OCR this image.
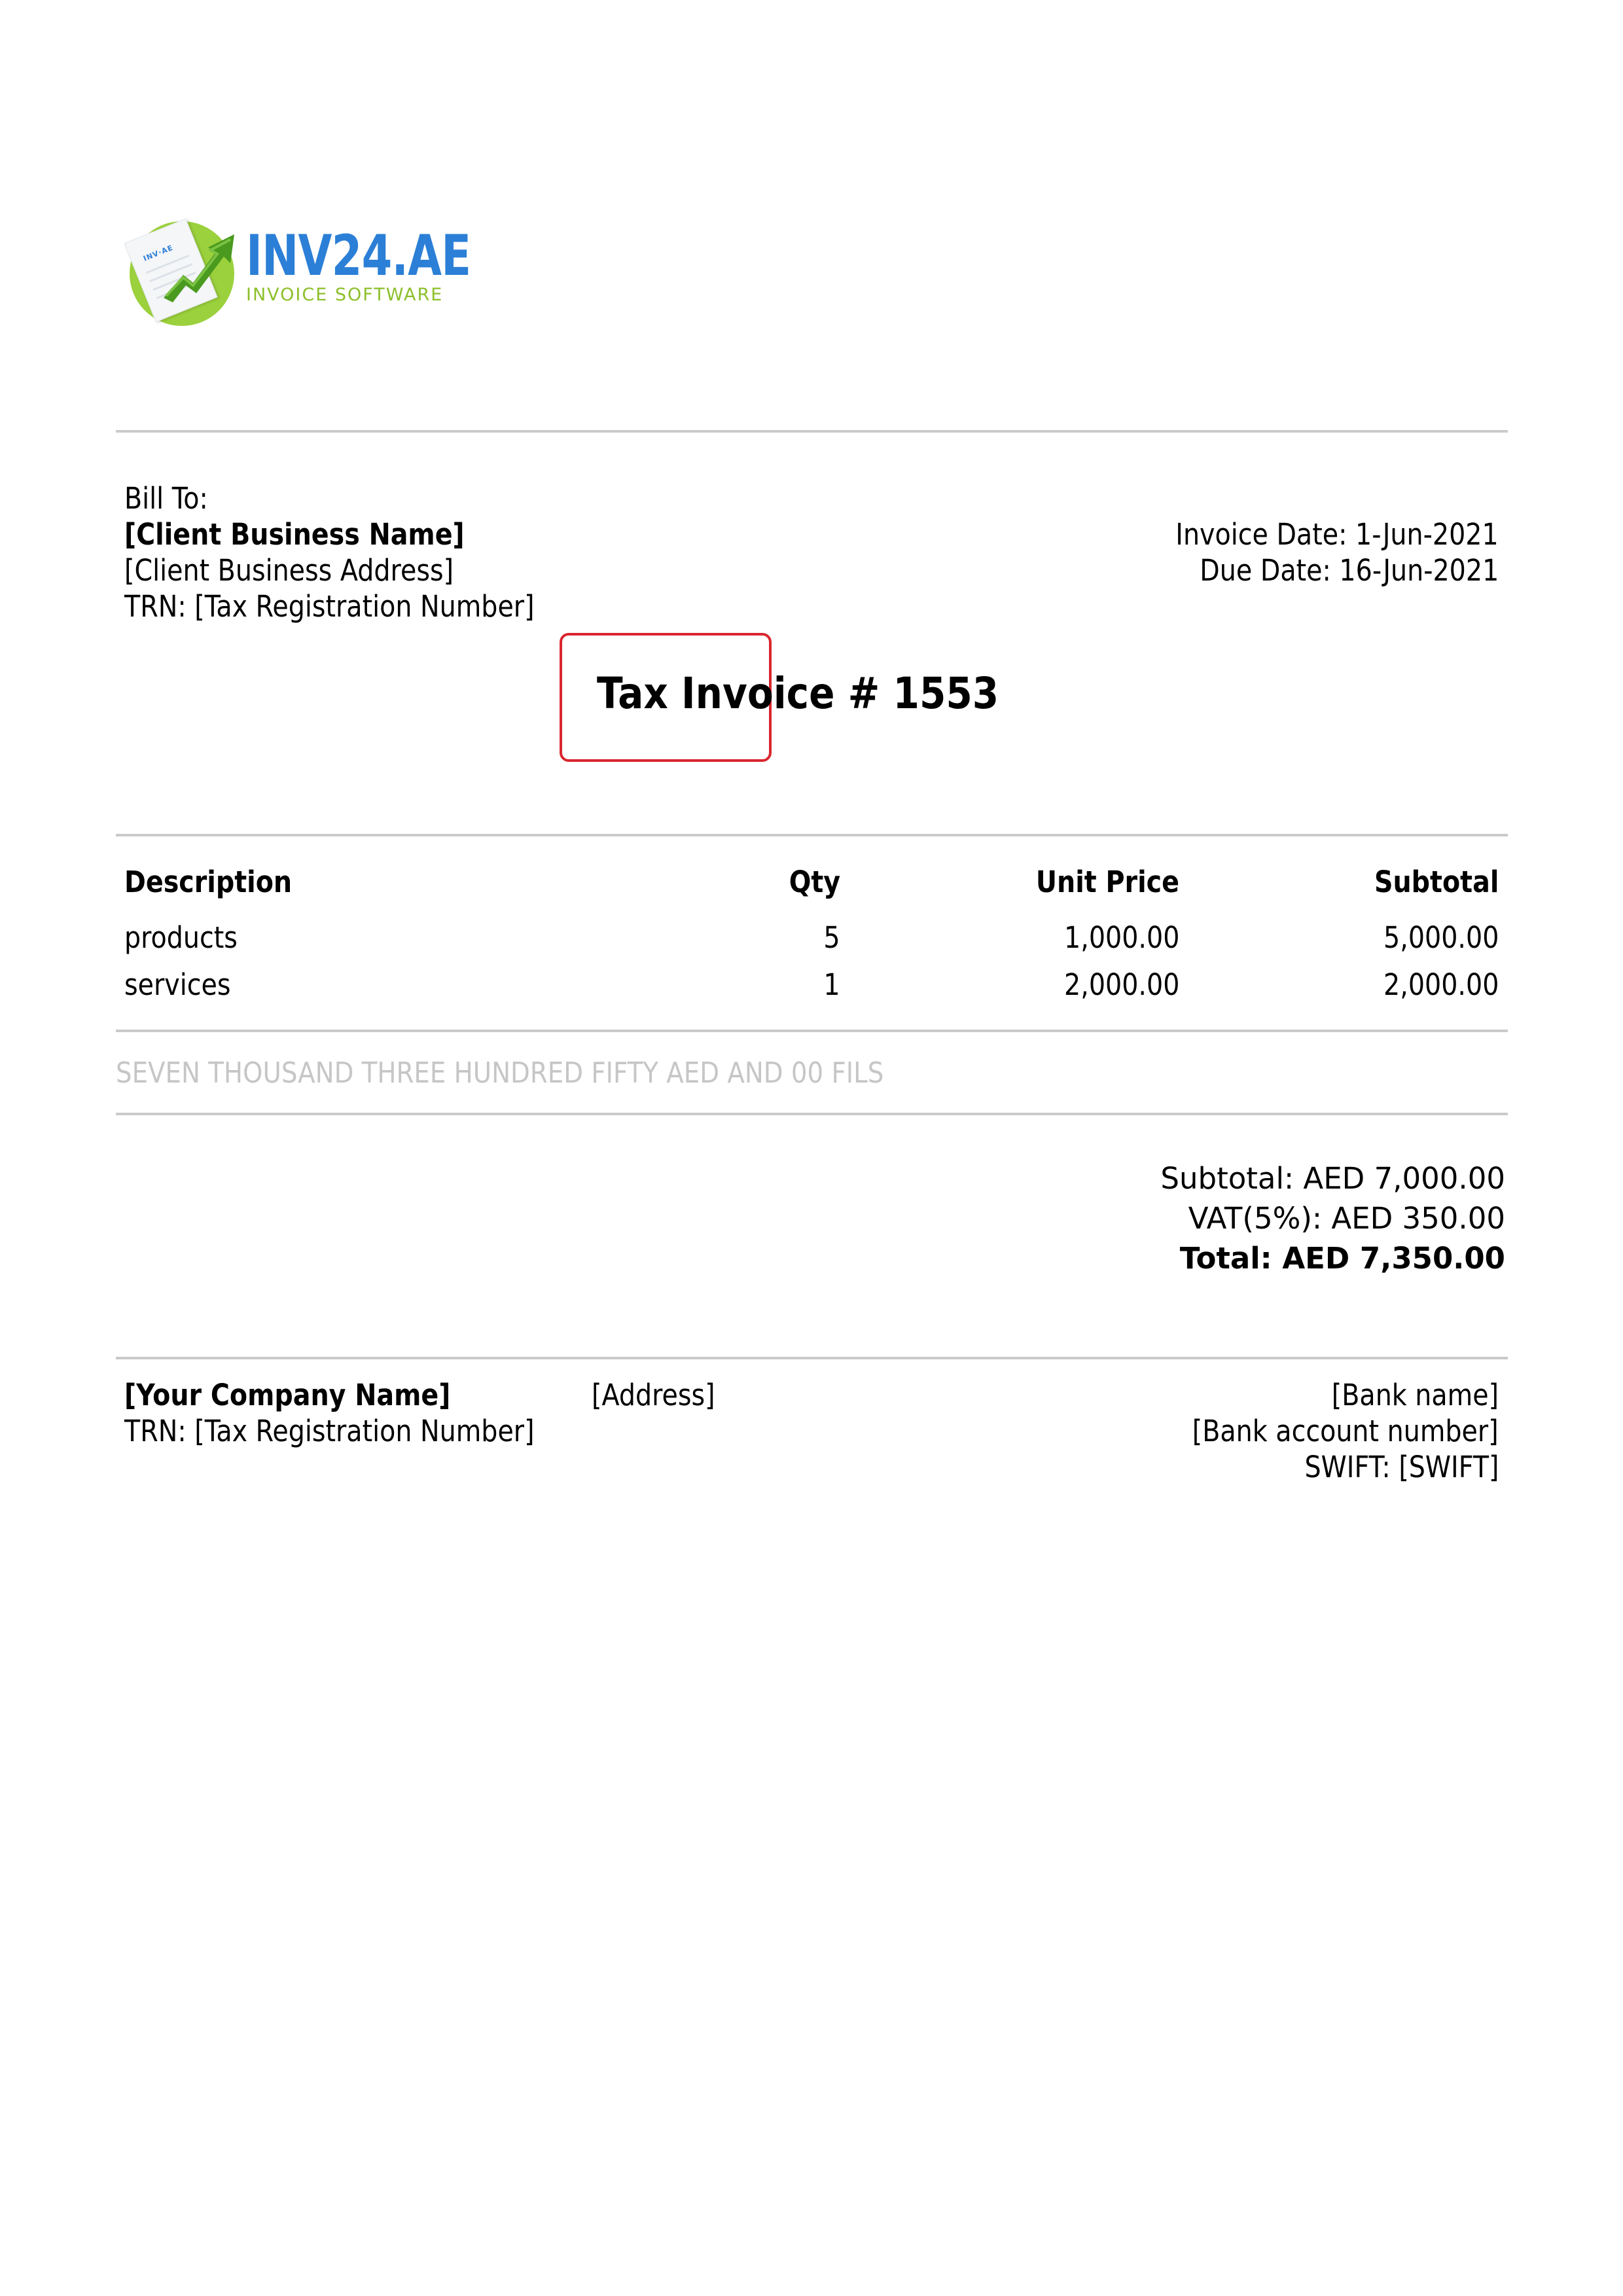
INV·AE INV24.AE
INVOICE SOFTWARE
Bill To:
[Client Business Name]
[Client Business Address]
TRN: [Tax Registration Number]
Invoice Date: 1-Jun-2021
Due Date: 16-Jun-2021
Tax Invoice # 1553
Description	Qty	Unit Price	Subtotal
products	5	1,000.00	5,000.00
services	1	2,000.00	2,000.00
SEVEN THOUSAND THREE HUNDRED FIFTY AED AND 00 FILS
Subtotal: AED 7,000.00
VAT(5%): AED 350.00
Total: AED 7,350.00
[Your Company Name]
TRN: [Tax Registration Number]
[Address]	[Bank name]
[Bank account number]
SWIFT: [SWIFT]
